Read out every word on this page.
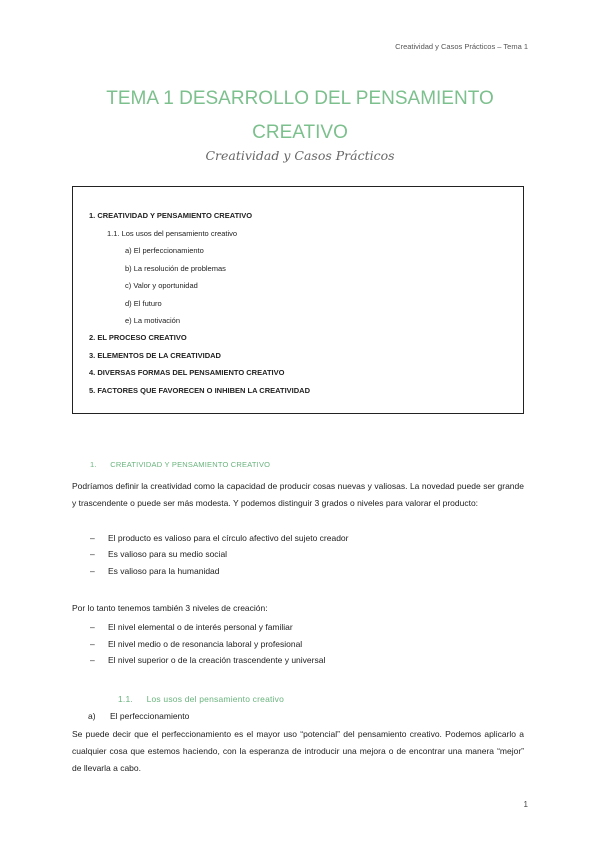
Creatividad y Casos Prácticos – Tema 1
TEMA 1 DESARROLLO DEL PENSAMIENTO
CREATIVO
Creatividad y Casos Prácticos
1. CREATIVIDAD Y PENSAMIENTO CREATIVO
1.1. Los usos del pensamiento creativo
a) El perfeccionamiento
b) La resolución de problemas
c) Valor y oportunidad
d) El futuro
e) La motivación
2. EL PROCESO CREATIVO
3. ELEMENTOS DE LA CREATIVIDAD
4. DIVERSAS FORMAS DEL PENSAMIENTO CREATIVO
5. FACTORES QUE FAVORECEN O INHIBEN LA CREATIVIDAD
1. CREATIVIDAD Y PENSAMIENTO CREATIVO
Podríamos definir la creatividad como la capacidad de producir cosas nuevas y valiosas. La novedad puede ser grande y trascendente o puede ser más modesta. Y podemos distinguir 3 grados o niveles para valorar el producto:
– El producto es valioso para el círculo afectivo del sujeto creador
– Es valioso para su medio social
– Es valioso para la humanidad
Por lo tanto tenemos también 3 niveles de creación:
– El nivel elemental o de interés personal y familiar
– El nivel medio o de resonancia laboral y profesional
– El nivel superior o de la creación trascendente y universal
1.1. Los usos del pensamiento creativo
a) El perfeccionamiento
Se puede decir que el perfeccionamiento es el mayor uso “potencial” del pensamiento creativo. Podemos aplicarlo a cualquier cosa que estemos haciendo, con la esperanza de introducir una mejora o de encontrar una manera “mejor” de llevarla a cabo.
1
